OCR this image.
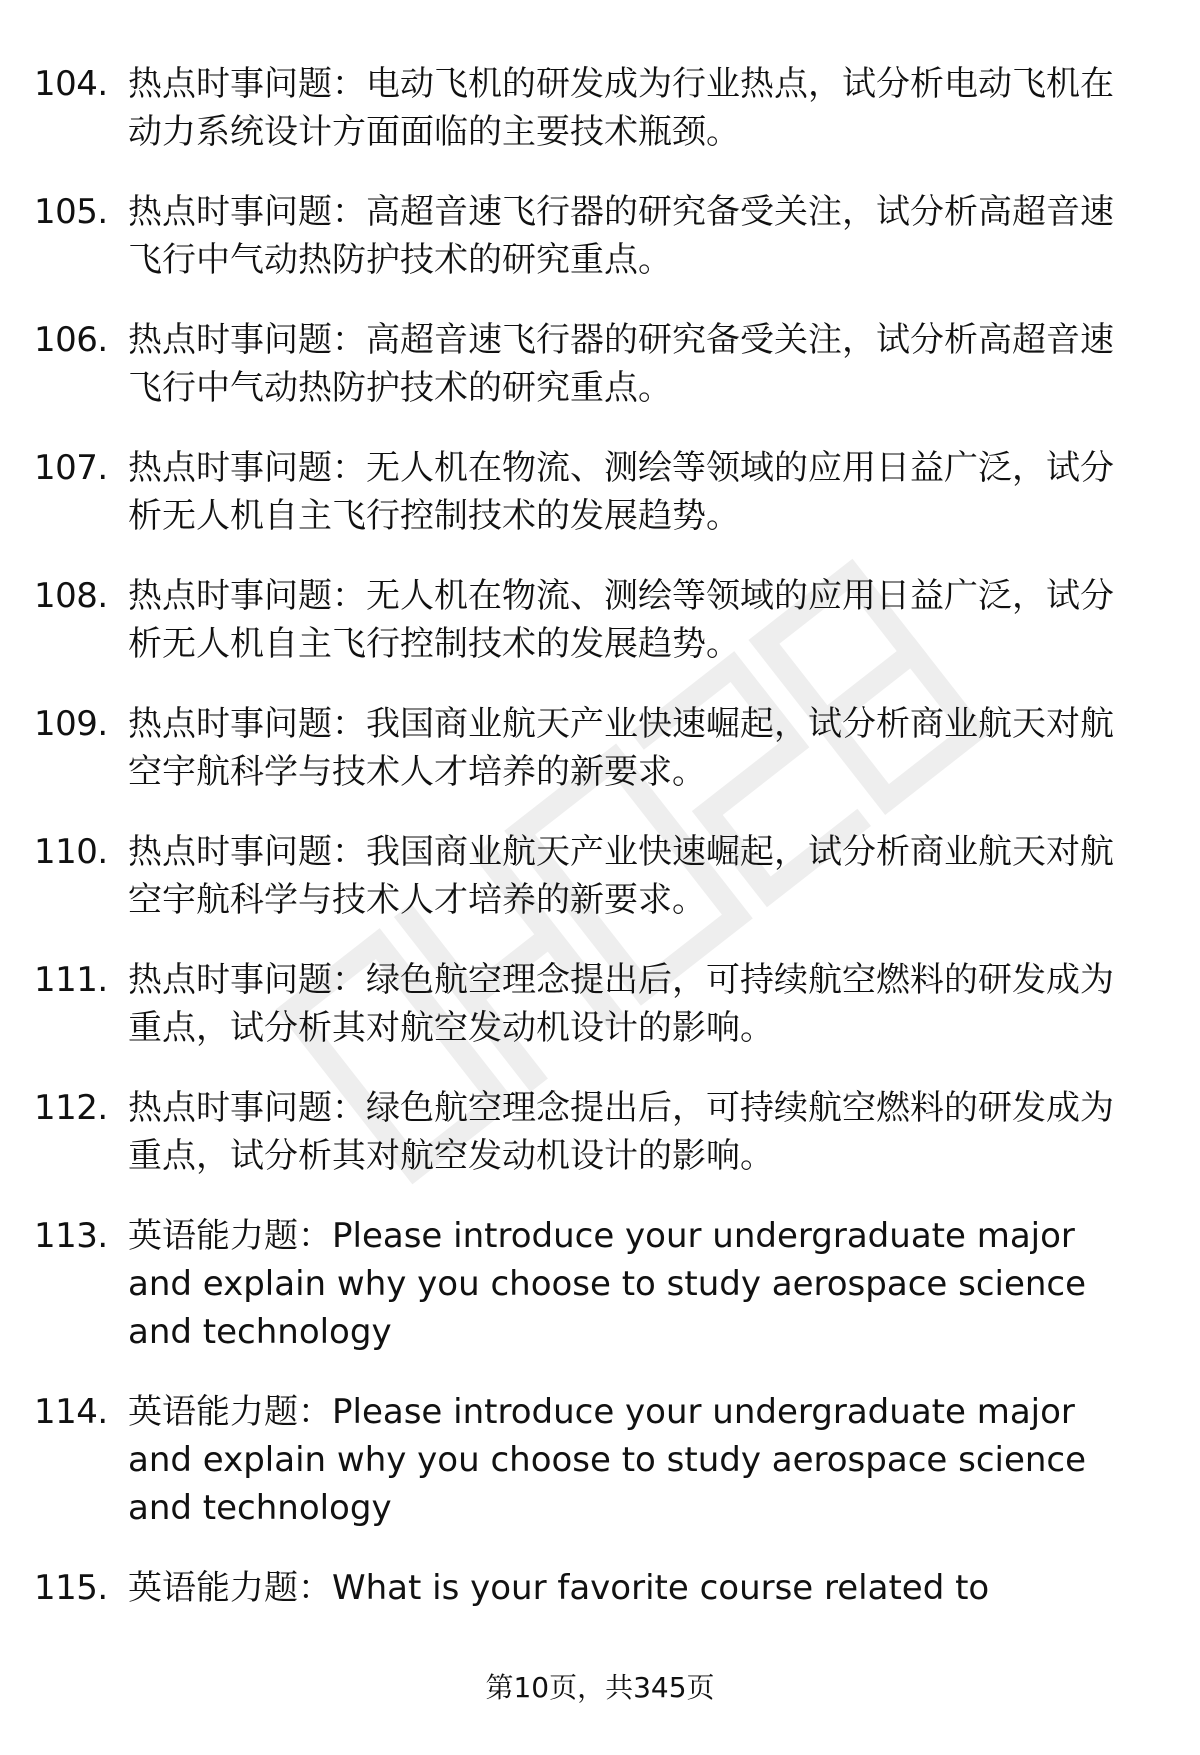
104. 热点时事问题：电动飞机的研发成为行业热点，试分析电动飞机在动力系统设计方面面临的主要技术瓶颈。
105. 热点时事问题：高超音速飞行器的研究备受关注，试分析高超音速飞行中气动热防护技术的研究重点。
106. 热点时事问题：高超音速飞行器的研究备受关注，试分析高超音速飞行中气动热防护技术的研究重点。
107. 热点时事问题：无人机在物流、测绘等领域的应用日益广泛，试分析无人机自主飞行控制技术的发展趋势。
108. 热点时事问题：无人机在物流、测绘等领域的应用日益广泛，试分析无人机自主飞行控制技术的发展趋势。
109. 热点时事问题：我国商业航天产业快速崛起，试分析商业航天对航空宇航科学与技术人才培养的新要求。
110. 热点时事问题：我国商业航天产业快速崛起，试分析商业航天对航空宇航科学与技术人才培养的新要求。
111. 热点时事问题：绿色航空理念提出后，可持续航空燃料的研发成为重点，试分析其对航空发动机设计的影响。
112. 热点时事问题：绿色航空理念提出后，可持续航空燃料的研发成为重点，试分析其对航空发动机设计的影响。
113. 英语能力题：Please introduce your undergraduate major and explain why you choose to study aerospace science and technology
114. 英语能力题：Please introduce your undergraduate major and explain why you choose to study aerospace science and technology
115. 英语能力题：What is your favorite course related to
第10页，共345页
